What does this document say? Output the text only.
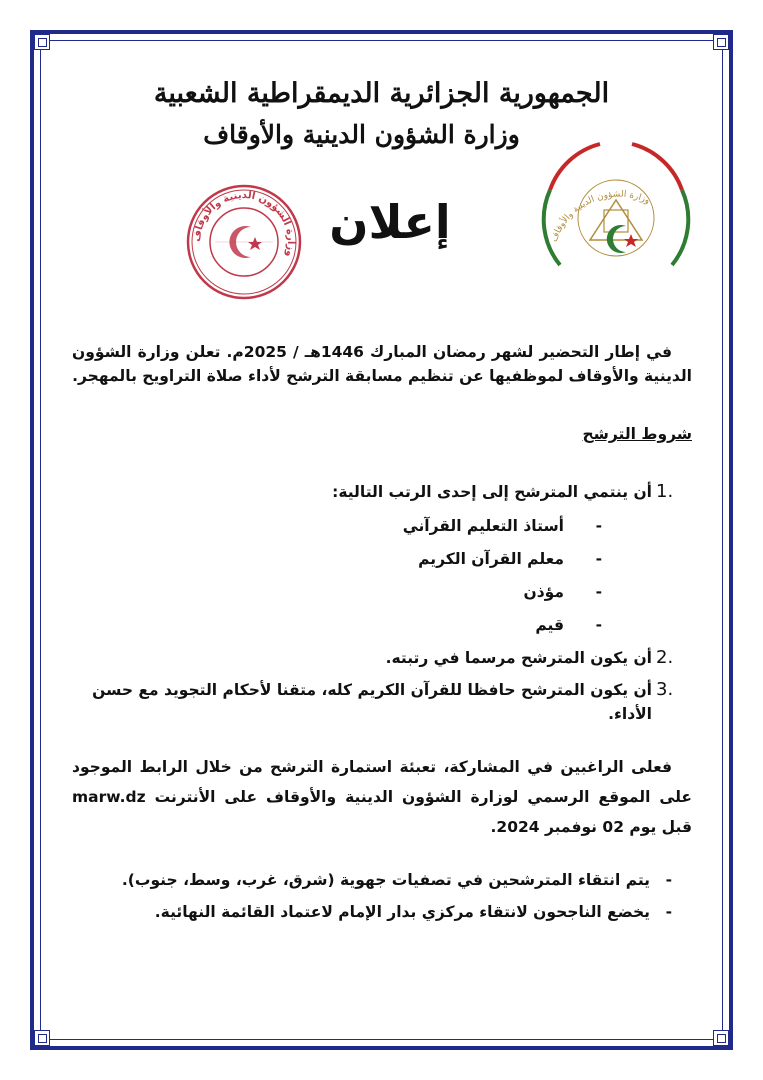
الجمهورية الجزائرية الديمقراطية الشعبية
وزارة الشؤون الدينية والأوقاف
وزارة الشؤون الدينية والأوقاف
إعلان	وزارة الشؤون الدينية والأوقاف

في إطار التحضير لشهر رمضان المبارك 1446هـ / 2025م. تعلن وزارة الشؤون الدينية والأوقاف لموظفيها عن تنظيم مسابقة الترشح لأداء صلاة التراويح بالمهجر.

شروط الترشح
1.
أن ينتمي المترشح إلى إحدى الرتب التالية:
-
أستاذ التعليم القرآني
-
معلم القرآن الكريم
-
مؤذن
-
قيم
2.
أن يكون المترشح مرسما في رتبته.
3.
أن يكون المترشح حافظا للقرآن الكريم كله، متقنا لأحكام التجويد مع حسن الأداء.

فعلى الراغبين في المشاركة، تعبئة استمارة الترشح من خلال الرابط الموجود على الموقع الرسمي لوزارة الشؤون الدينية والأوقاف على الأنترنت marw.dz قبل يوم 02 نوفمبر 2024.

-
يتم انتقاء المترشحين في تصفيات جهوية (شرق، غرب، وسط، جنوب).
-
يخضع الناجحون لانتقاء مركزي بدار الإمام لاعتماد القائمة النهائية.
